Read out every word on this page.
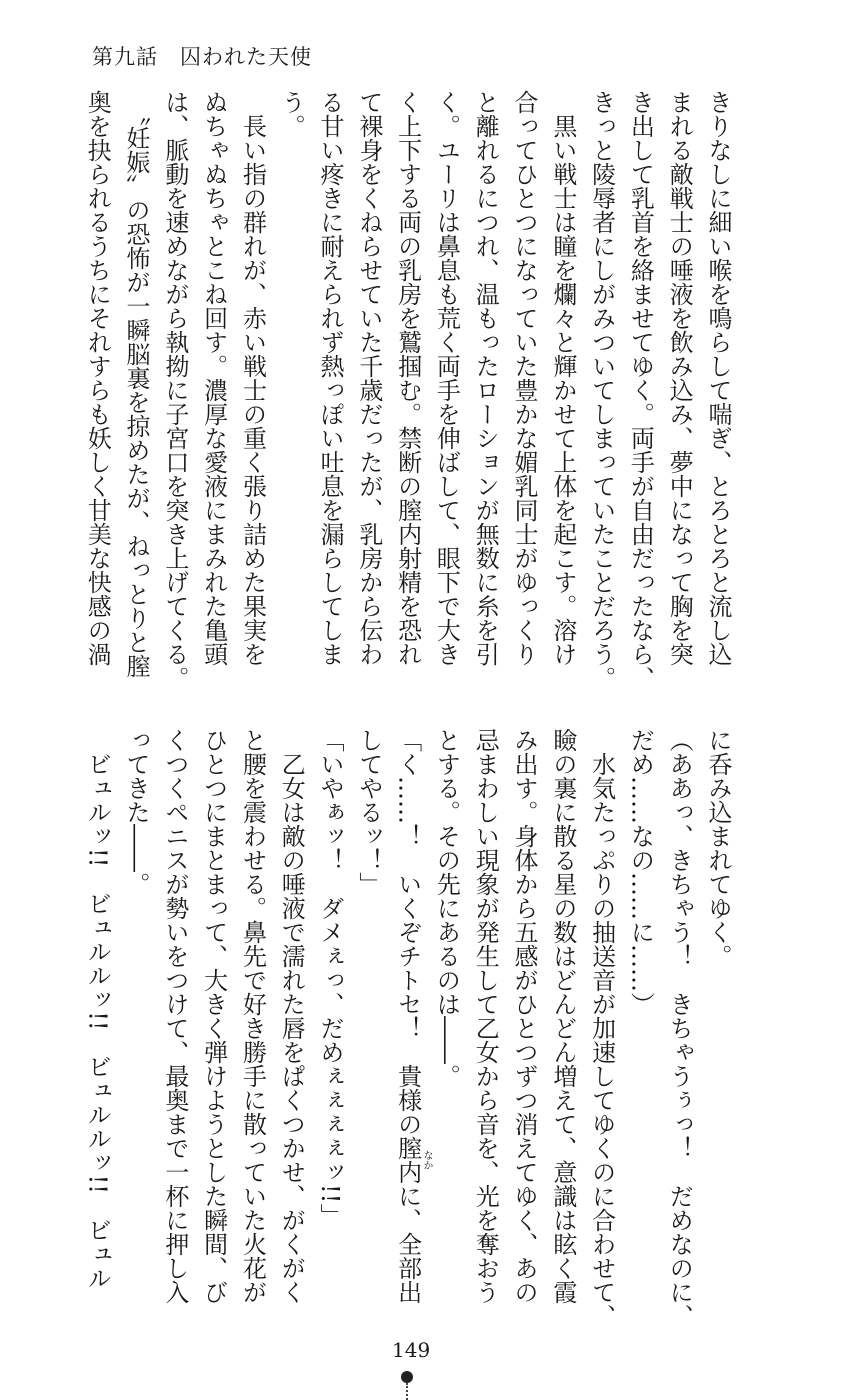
第九話　囚われた天使
きりなしに細い喉を鳴らして喘ぎ、とろとろと流し込
まれる敵戦士の唾液を飲み込み、夢中になって胸を突
き出して乳首を絡ませてゆく。両手が自由だったなら、
きっと陵辱者にしがみついてしまっていたことだろう。
　黒い戦士は瞳を爛々と輝かせて上体を起こす。溶け
合ってひとつになっていた豊かな媚乳同士がゆっくり
と離れるにつれ、温もったローションが無数に糸を引
く。ユーリは鼻息も荒く両手を伸ばして、眼下で大き
く上下する両の乳房を鷲掴む。禁断の膣内射精を恐れ
て裸身をくねらせていた千歳だったが、乳房から伝わ
る甘い疼きに耐えられず熱っぽい吐息を漏らしてしま
う。
　長い指の群れが、赤い戦士の重く張り詰めた果実を
ぬちゃぬちゃとこね回す。濃厚な愛液にまみれた亀頭
は、脈動を速めながら執拗に子宮口を突き上げてくる。
　〝妊娠〟の恐怖が一瞬脳裏を掠めたが、ねっとりと膣
奥を抉られるうちにそれすらも妖しく甘美な快感の渦
に呑み込まれてゆく。
（ああっ、きちゃう！　きちゃうぅっ！　だめなのに、
だめ……なの……に……）
　水気たっぷりの抽送音が加速してゆくのに合わせて、
瞼の裏に散る星の数はどんどん増えて、意識は眩く霞
み出す。身体から五感がひとつずつ消えてゆく、あの
忌まわしい現象が発生して乙女から音を、光を奪おう
とする。その先にあるのは――。
「く……！　いくぞチトセ！　貴様の膣内に、全部出
してやるッ！」
「いやぁッ！　ダメぇっ、だめぇぇぇぇッ!!」
　乙女は敵の唾液で濡れた唇をぱくつかせ、がくがく
と腰を震わせる。鼻先で好き勝手に散っていた火花が
ひとつにまとまって、大きく弾けようとした瞬間、び
くつくペニスが勢いをつけて、最奥まで一杯に押し入
ってきた――。
　ビュルッ!!　ビュルルッ!!　ビュルルッ!!　ビュル	なか
149
